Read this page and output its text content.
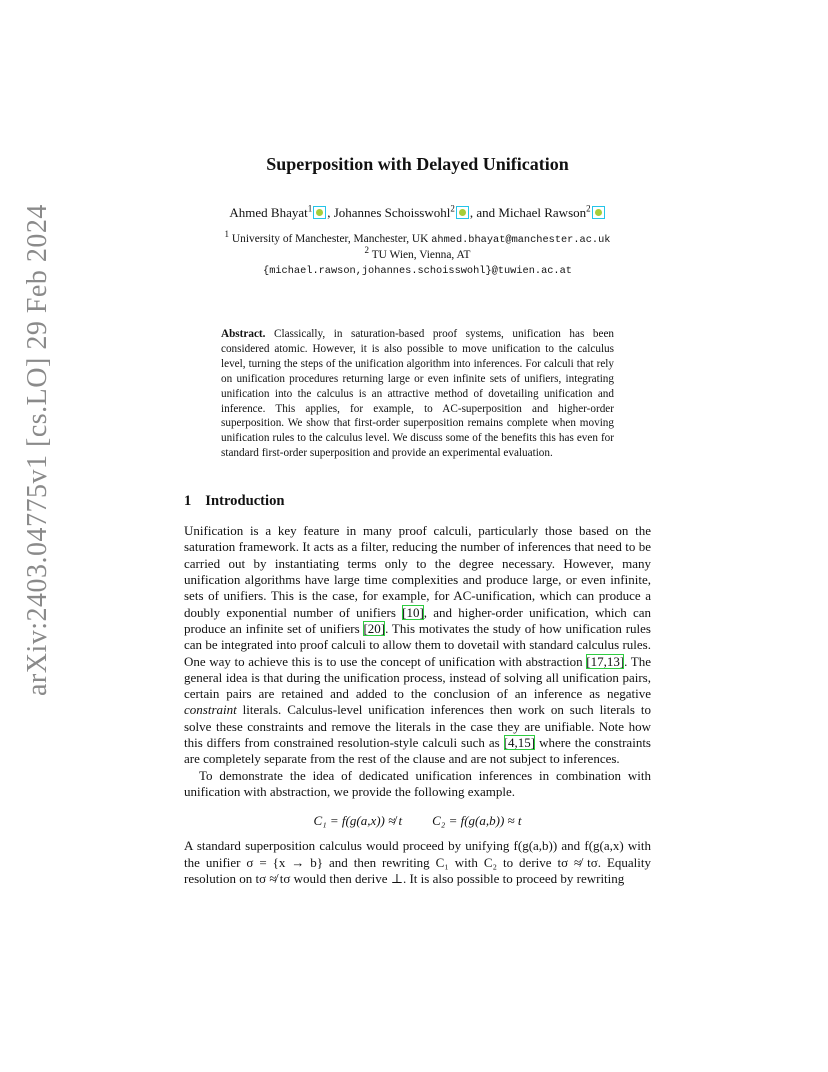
arXiv:2403.04775v1 [cs.LO] 29 Feb 2024
Superposition with Delayed Unification
Ahmed Bhayat$^1$ , Johannes Schoisswohl$^2$ , and Michael Rawson$^2$
$^1$ University of Manchester, Manchester, UK ahmed.bhayat@manchester.ac.uk
$^2$ TU Wien, Vienna, AT
{michael.rawson,johannes.schoisswohl}@tuwien.ac.at
Abstract. Classically, in saturation-based proof systems, unification has been considered atomic. However, it is also possible to move unification to the calculus level, turning the steps of the unification algorithm into inferences. For calculi that rely on unification procedures returning large or even infinite sets of unifiers, integrating unification into the calculus is an attractive method of dovetailing unification and inference. This applies, for example, to AC-superposition and higher-order superposition. We show that first-order superposition remains complete when moving unification rules to the calculus level. We discuss some of the benefits this has even for standard first-order superposition and provide an experimental evaluation.
1 Introduction

Unification is a key feature in many proof calculi, particularly those based on the saturation framework. It acts as a filter, reducing the number of inferences that need to be carried out by instantiating terms only to the degree necessary. However, many unification algorithms have large time complexities and produce large, or even infinite, sets of unifiers. This is the case, for example, for AC-unification, which can produce a doubly exponential number of unifiers [10], and higher-order unification, which can produce an infinite set of unifiers [20]. This motivates the study of how unification rules can be integrated into proof calculi to allow them to dovetail with standard calculus rules. One way to achieve this is to use the concept of unification with abstraction [17,13]. The general idea is that during the unification process, instead of solving all unification pairs, certain pairs are retained and added to the conclusion of an inference as negative constraint literals. Calculus-level unification inferences then work on such literals to solve these constraints and remove the literals in the case they are unifiable. Note how this differs from constrained resolution-style calculi such as [4,15] where the constraints are completely separate from the rest of the clause and are not subject to inferences.

To demonstrate the idea of dedicated unification inferences in combination with unification with abstraction, we provide the following example.

C₁ = f(g(a,x)) ≉ t C₂ = f(g(a,b)) ≈ t

A standard superposition calculus would proceed by unifying f(g(a,b)) and f(g(a,x) with the unifier σ = {x → b} and then rewriting C₁ with C₂ to derive tσ ≉ tσ. Equality resolution on tσ ≉ tσ would then derive ⊥. It is also possible to proceed by rewriting
